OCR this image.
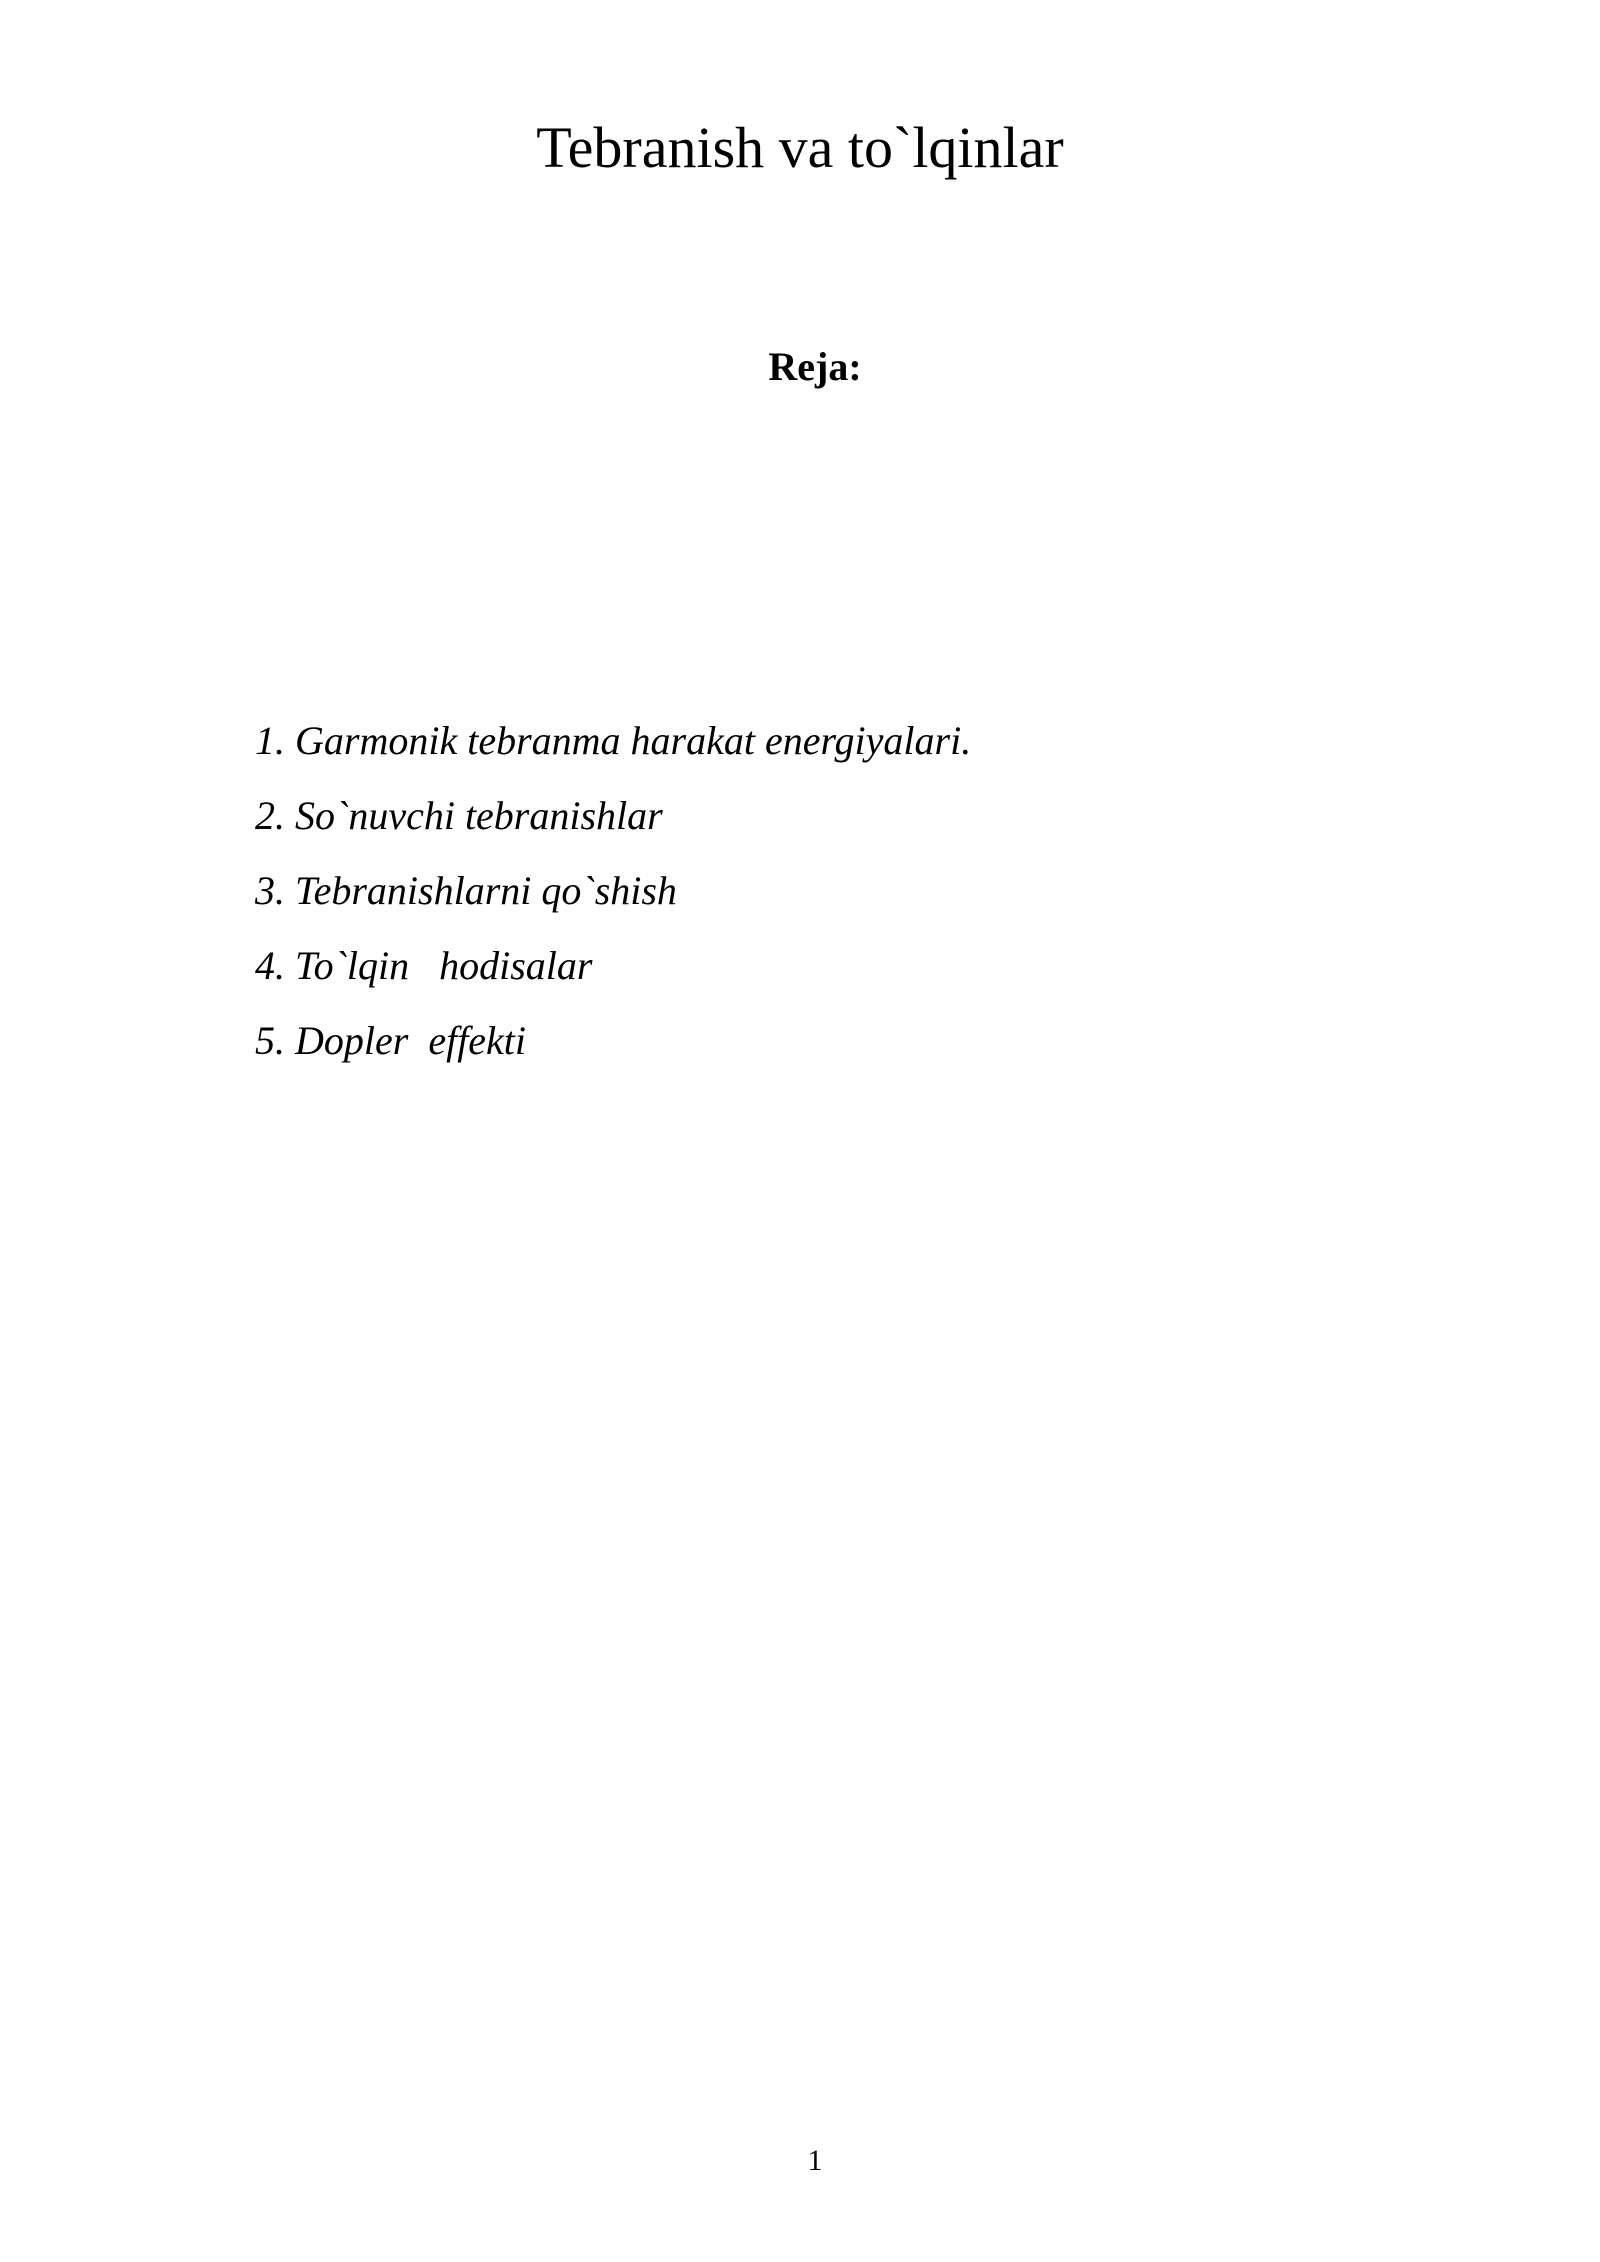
Tebranish va to`lqinlar
Reja:
1. Garmonik tebranma harakat energiyalari.
2. So`nuvchi tebranishlar
3. Tebranishlarni qo`shish
4. To`lqin   hodisalar
5. Dopler  effekti
1
